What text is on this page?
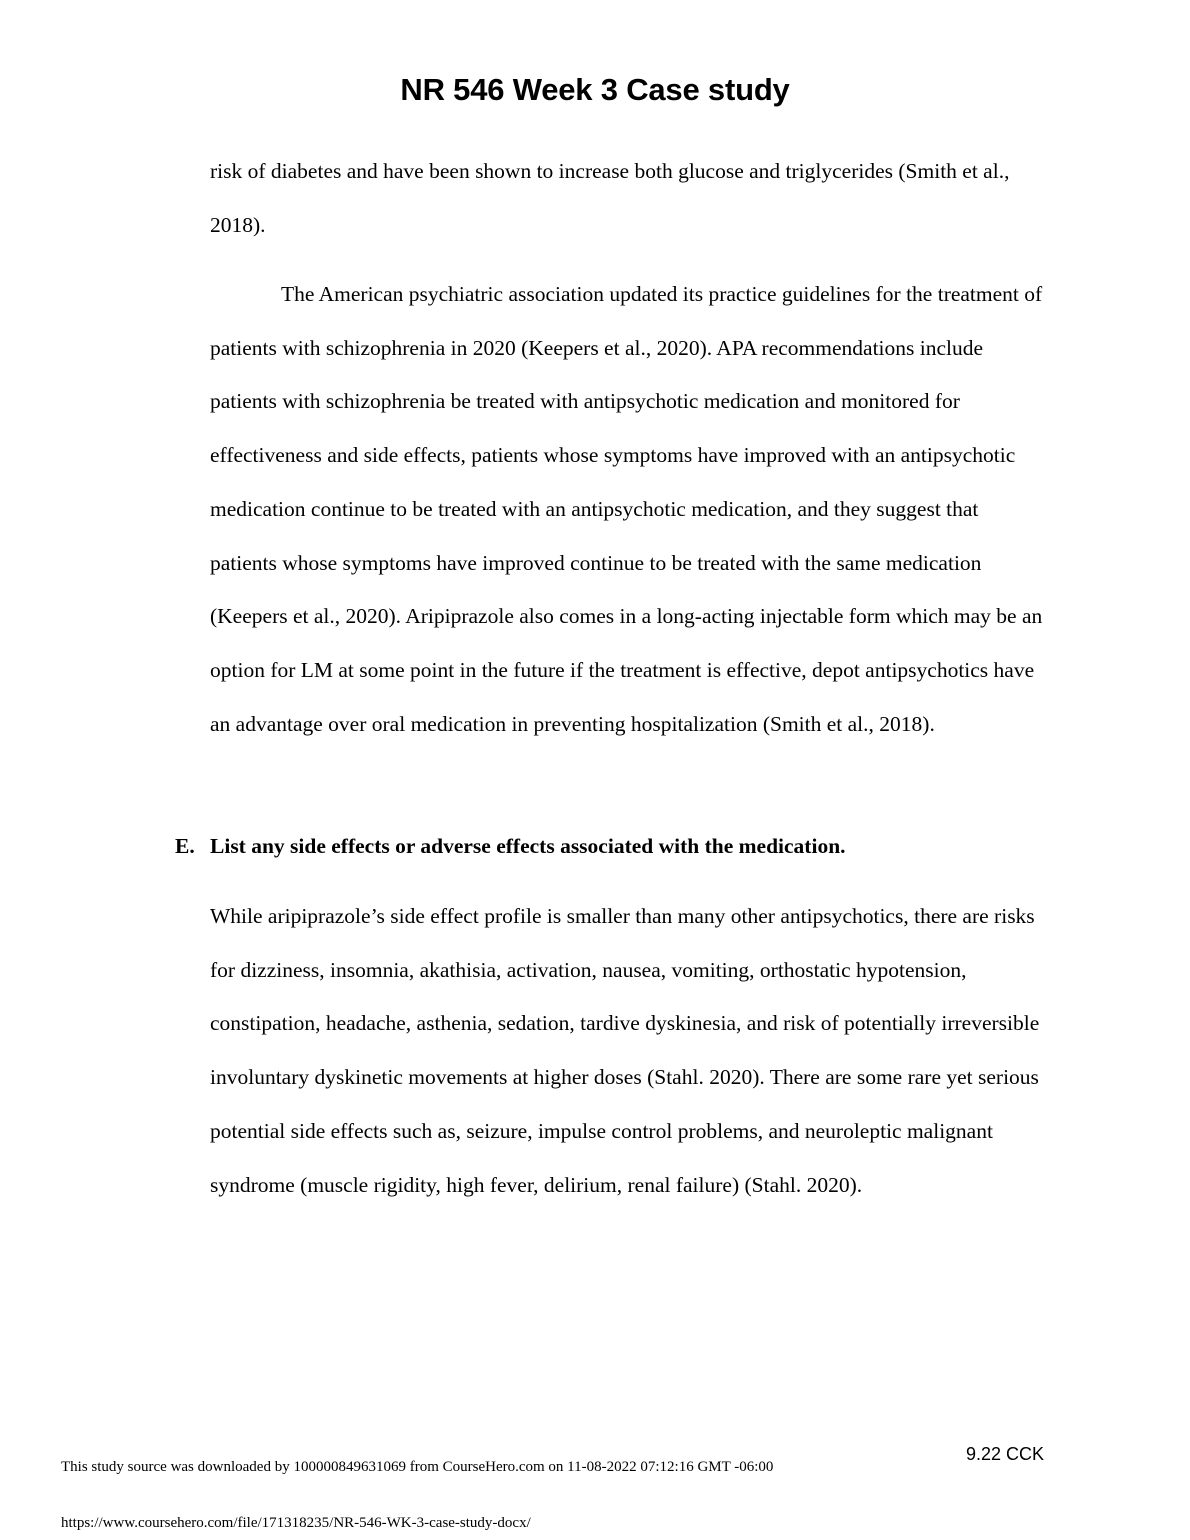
NR 546 Week 3 Case study

risk of diabetes and have been shown to increase both glucose and triglycerides (Smith et al., 2018).

The American psychiatric association updated its practice guidelines for the treatment of patients with schizophrenia in 2020 (Keepers et al., 2020). APA recommendations include patients with schizophrenia be treated with antipsychotic medication and monitored for effectiveness and side effects, patients whose symptoms have improved with an antipsychotic medication continue to be treated with an antipsychotic medication, and they suggest that patients whose symptoms have improved continue to be treated with the same medication (Keepers et al., 2020). Aripiprazole also comes in a long-acting injectable form which may be an option for LM at some point in the future if the treatment is effective, depot antipsychotics have an advantage over oral medication in preventing hospitalization (Smith et al., 2018).

E. List any side effects or adverse effects associated with the medication.

While aripiprazole’s side effect profile is smaller than many other antipsychotics, there are risks for dizziness, insomnia, akathisia, activation, nausea, vomiting, orthostatic hypotension, constipation, headache, asthenia, sedation, tardive dyskinesia, and risk of potentially irreversible involuntary dyskinetic movements at higher doses (Stahl. 2020). There are some rare yet serious potential side effects such as, seizure, impulse control problems, and neuroleptic malignant syndrome (muscle rigidity, high fever, delirium, renal failure) (Stahl. 2020).

9.22 CCK
This study source was downloaded by 100000849631069 from CourseHero.com on 11-08-2022 07:12:16 GMT -06:00
https://www.coursehero.com/file/171318235/NR-546-WK-3-case-study-docx/
